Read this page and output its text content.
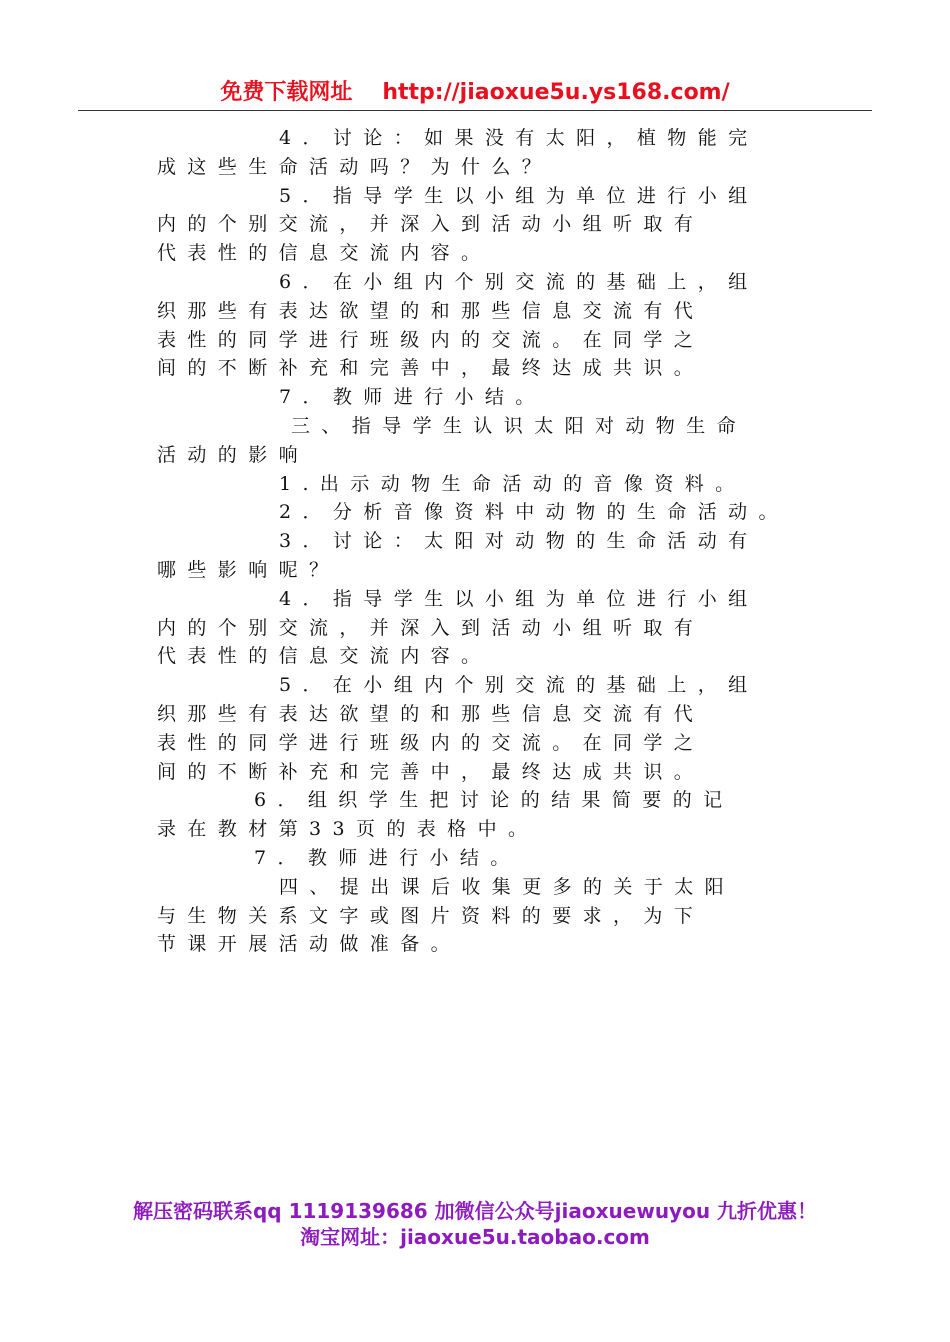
免费下载网址 http://jiaoxue5u.ys168.com/
4．讨论：如果没有太阳，植物能完
成这些生命活动吗？为什么？
5．指导学生以小组为单位进行小组
内的个别交流，并深入到活动小组听取有
代表性的信息交流内容。
6．在小组内个别交流的基础上，组
织那些有表达欲望的和那些信息交流有代
表性的同学进行班级内的交流。在同学之
间的不断补充和完善中，最终达成共识。
7．教师进行小结。
三、指导学生认识太阳对动物生命
活动的影响
1.出示动物生命活动的音像资料。
2．分析音像资料中动物的生命活动。
3．讨论：太阳对动物的生命活动有
哪些影响呢？
4．指导学生以小组为单位进行小组
内的个别交流，并深入到活动小组听取有
代表性的信息交流内容。
5．在小组内个别交流的基础上，组
织那些有表达欲望的和那些信息交流有代
表性的同学进行班级内的交流。在同学之
间的不断补充和完善中，最终达成共识。
6．组织学生把讨论的结果简要的记
录在教材第33页的表格中。
7．教师进行小结。
四、提出课后收集更多的关于太阳
与生物关系文字或图片资料的要求，为下
节课开展活动做准备。
解压密码联系qq 1119139686 加微信公众号jiaoxuewuyou 九折优惠！
淘宝网址：jiaoxue5u.taobao.com
